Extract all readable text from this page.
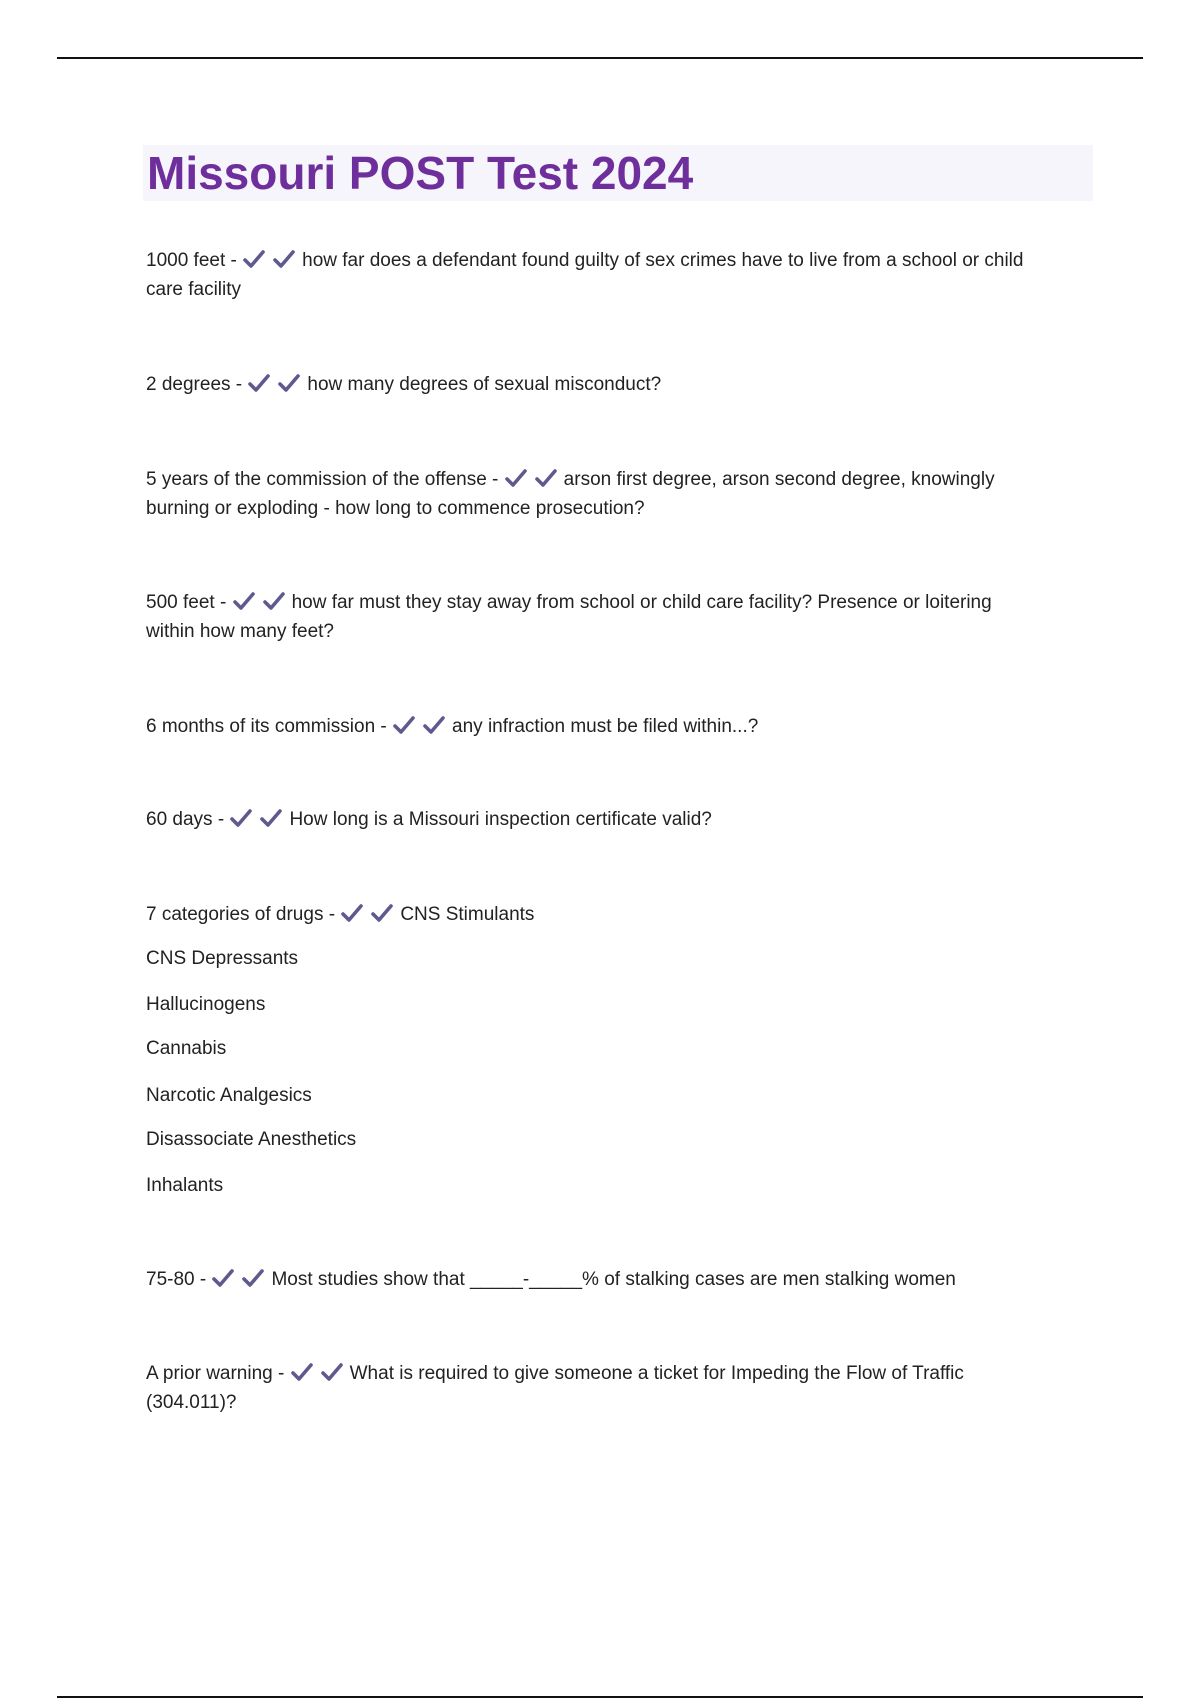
Missouri POST Test 2024
1000 feet -	how far does a defendant found guilty of sex crimes have to live from a school or child
care facility
2 degrees -	how many degrees of sexual misconduct?
5 years of the commission of the offense -	arson first degree, arson second degree, knowingly
burning or exploding - how long to commence prosecution?
500 feet -	how far must they stay away from school or child care facility? Presence or loitering
within how many feet?
6 months of its commission -	any infraction must be filed within...?
60 days -	How long is a Missouri inspection certificate valid?
7 categories of drugs -	CNS Stimulants
CNS Depressants
Hallucinogens
Cannabis
Narcotic Analgesics
Disassociate Anesthetics
Inhalants
75-80 -	Most studies show that _____-_____% of stalking cases are men stalking women
A prior warning -	What is required to give someone a ticket for Impeding the Flow of Traffic
(304.011)?
